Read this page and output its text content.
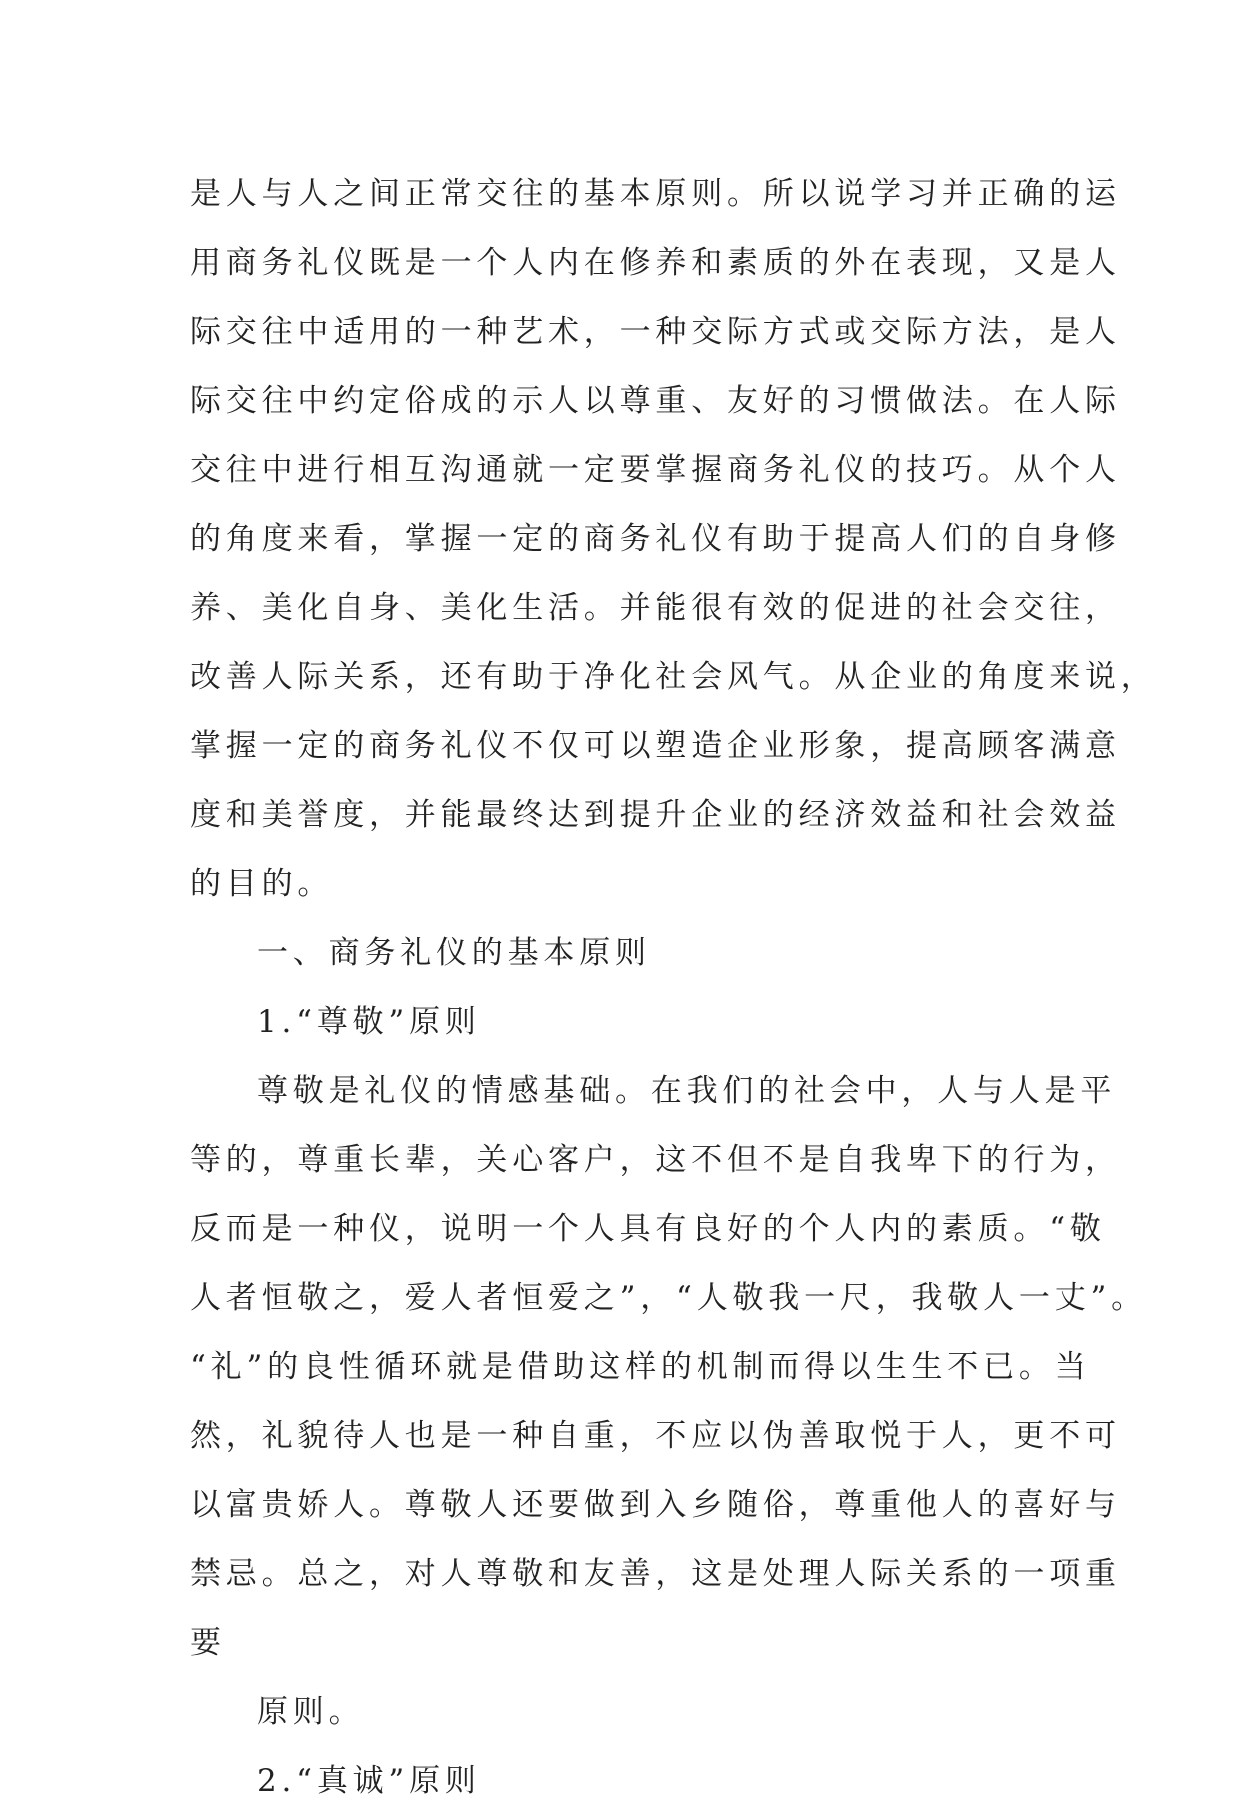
是人与人之间正常交往的基本原则。所以说学习并正确的运
用商务礼仪既是一个人内在修养和素质的外在表现，又是人
际交往中适用的一种艺术，一种交际方式或交际方法，是人
际交往中约定俗成的示人以尊重、友好的习惯做法。在人际
交往中进行相互沟通就一定要掌握商务礼仪的技巧。从个人
的角度来看，掌握一定的商务礼仪有助于提高人们的自身修
养、美化自身、美化生活。并能很有效的促进的社会交往，
改善人际关系，还有助于净化社会风气。从企业的角度来说，
掌握一定的商务礼仪不仅可以塑造企业形象，提高顾客满意
度和美誉度，并能最终达到提升企业的经济效益和社会效益
的目的。
一、商务礼仪的基本原则
1.“尊敬”原则
尊敬是礼仪的情感基础。在我们的社会中，人与人是平
等的，尊重长辈，关心客户，这不但不是自我卑下的行为，
反而是一种仪，说明一个人具有良好的个人内的素质。“敬
人者恒敬之，爱人者恒爱之”，“人敬我一尺，我敬人一丈”。
“礼”的良性循环就是借助这样的机制而得以生生不已。当
然，礼貌待人也是一种自重，不应以伪善取悦于人，更不可
以富贵娇人。尊敬人还要做到入乡随俗，尊重他人的喜好与
禁忌。总之，对人尊敬和友善，这是处理人际关系的一项重
要
原则。
2.“真诚”原则
